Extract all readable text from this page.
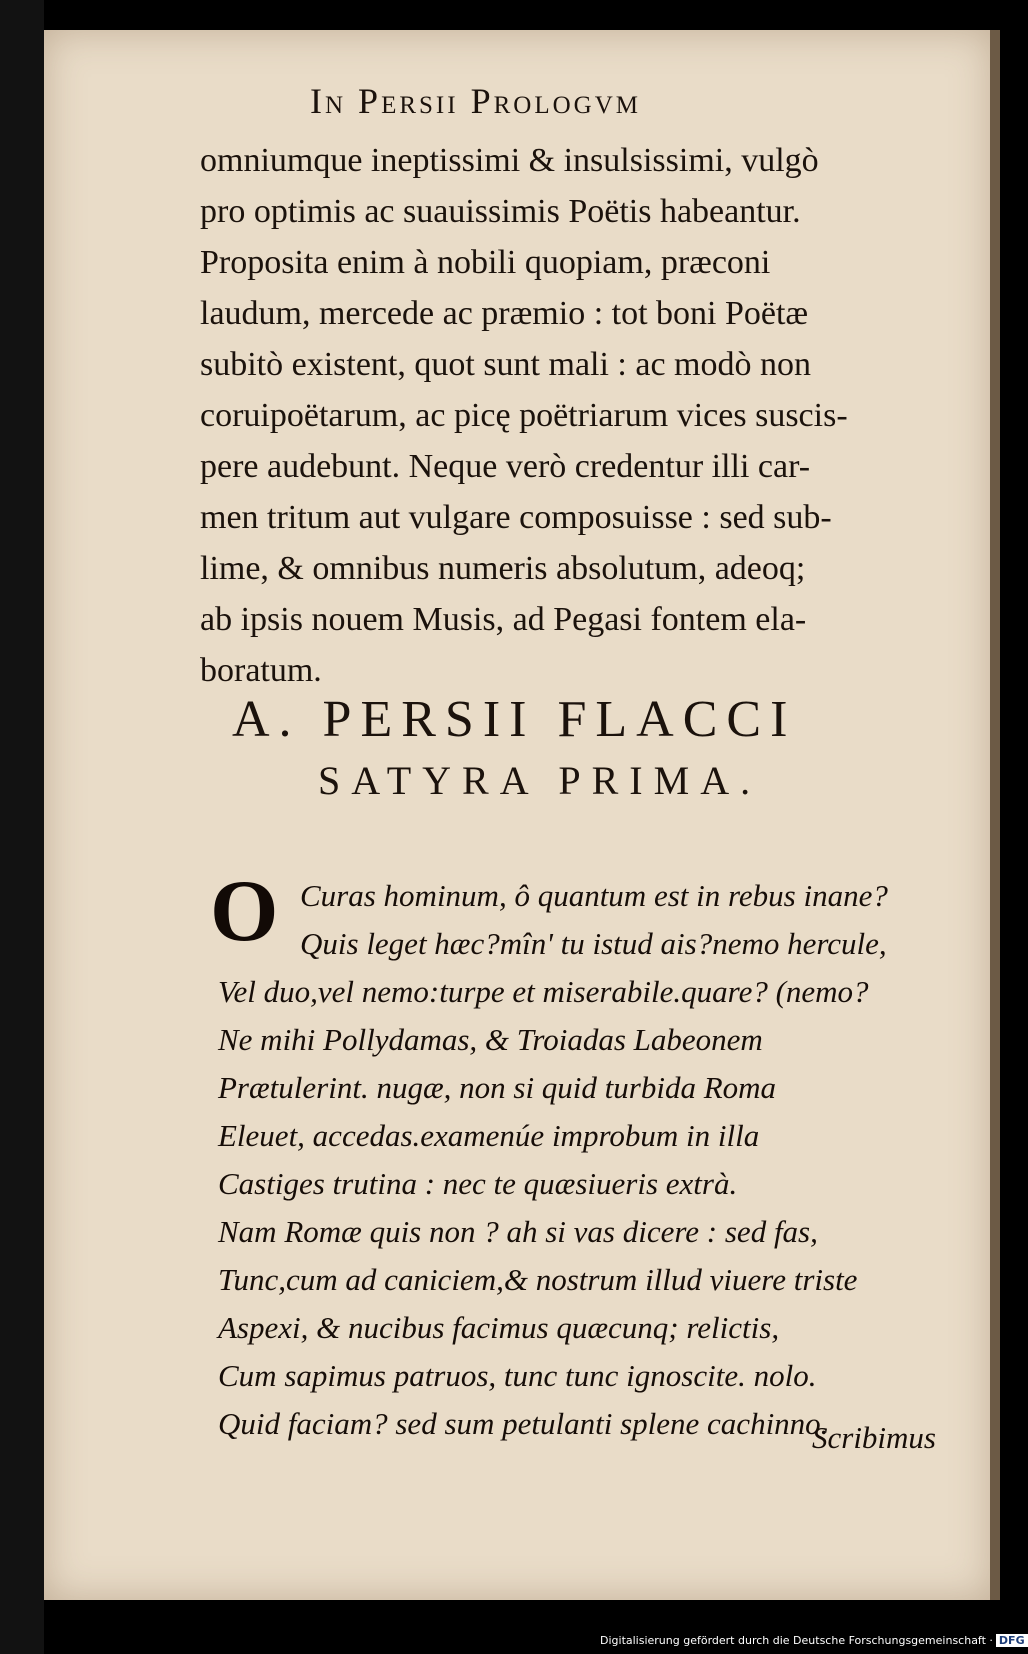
In Persii Prologvm
omniumque ineptissimi & insulsissimi, vulgò
pro optimis ac suauissimis Poëtis habeantur.
Proposita enim à nobili quopiam, præconi
laudum, mercede ac præmio : tot boni Poëtæ
subitò existent, quot sunt mali : ac modò non
coruipoëtarum, ac picę poëtriarum vices suscis-
pere audebunt. Neque verò credentur illi car-
men tritum aut vulgare composuisse : sed sub-
lime, & omnibus numeris absolutum, adeoq;
ab ipsis nouem Musis, ad Pegasi fontem ela-
boratum.
A. PERSII FLACCI
SATYRA PRIMA.
O Curas hominum, ô quantum est in rebus inane?
Quis leget hæc?mîn' tu istud ais?nemo hercule,
Vel duo,vel nemo:turpe et miserabile.quare? (nemo?
Ne mihi Pollydamas, & Troiadas Labeonem
Prætulerint. nugæ, non si quid turbida Roma
Eleuet, accedas.examenúe improbum in illa
Castiges trutina : nec te quæsiueris extrà.
Nam Romæ quis non ? ah si vas dicere : sed fas,
Tunc,cum ad caniciem,& nostrum illud viuere triste
Aspexi, & nucibus facimus quæcunq; relictis,
Cum sapimus patruos, tunc tunc ignoscite. nolo.
Quid faciam? sed sum petulanti splene cachinno.
Scribimus
Digitalisierung gefördert durch die Deutsche Forschungsgemeinschaft · DFG
